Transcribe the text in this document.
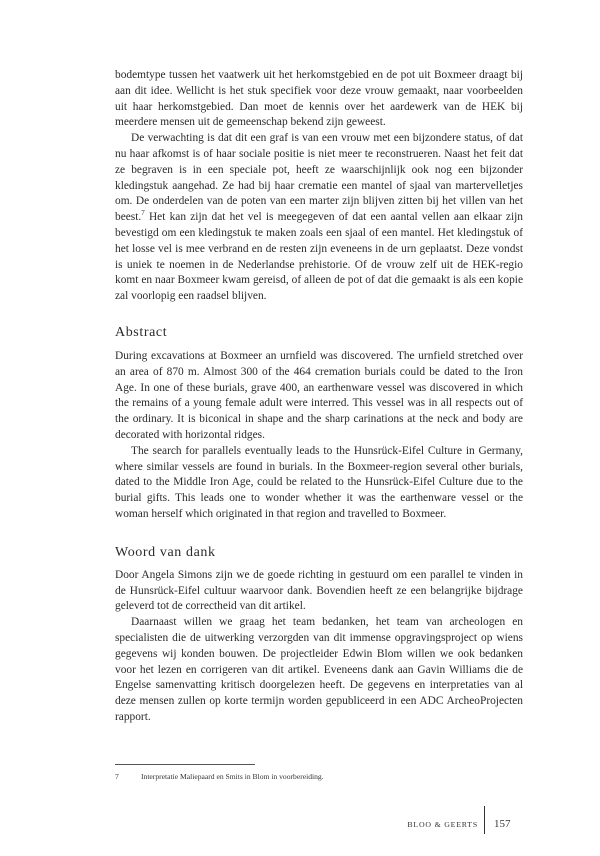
bodemtype tussen het vaatwerk uit het herkomstgebied en de pot uit Boxmeer draagt bij aan dit idee. Wellicht is het stuk specifiek voor deze vrouw gemaakt, naar voorbeelden uit haar herkomstgebied. Dan moet de kennis over het aardewerk van de HEK bij meerdere mensen uit de gemeenschap bekend zijn geweest.

De verwachting is dat dit een graf is van een vrouw met een bijzondere status, of dat nu haar afkomst is of haar sociale positie is niet meer te reconstrueren. Naast het feit dat ze begraven is in een speciale pot, heeft ze waarschijnlijk ook nog een bijzonder kledingstuk aangehad. Ze had bij haar crematie een mantel of sjaal van martervelletjes om. De onderdelen van de poten van een marter zijn blijven zitten bij het villen van het beest.$^7$ Het kan zijn dat het vel is meegegeven of dat een aantal vellen aan elkaar zijn bevestigd om een kledingstuk te maken zoals een sjaal of een mantel. Het kledingstuk of het losse vel is mee verbrand en de resten zijn eveneens in de urn geplaatst. Deze vondst is uniek te noemen in de Nederlandse prehistorie. Of de vrouw zelf uit de HEK-regio komt en naar Boxmeer kwam gereisd, of alleen de pot of dat die gemaakt is als een kopie zal voorlopig een raadsel blijven.

Abstract

During excavations at Boxmeer an urnfield was discovered. The urnfield stretched over an area of 870 m. Almost 300 of the 464 cremation burials could be dated to the Iron Age. In one of these burials, grave 400, an earthenware vessel was discovered in which the remains of a young female adult were interred. This vessel was in all respects out of the ordinary. It is biconical in shape and the sharp carinations at the neck and body are decorated with horizontal ridges.

The search for parallels eventually leads to the Hunsrück-Eifel Culture in Germany, where similar vessels are found in burials. In the Boxmeer-region several other burials, dated to the Middle Iron Age, could be related to the Hunsrück-Eifel Culture due to the burial gifts. This leads one to wonder whether it was the earthenware vessel or the woman herself which originated in that region and travelled to Boxmeer.

Woord van dank

Door Angela Simons zijn we de goede richting in gestuurd om een parallel te vinden in de Hunsrück-Eifel cultuur waarvoor dank. Bovendien heeft ze een belangrijke bijdrage geleverd tot de correctheid van dit artikel.

Daarnaast willen we graag het team bedanken, het team van archeologen en specialisten die de uitwerking verzorgden van dit immense opgravingsproject op wiens gegevens wij konden bouwen. De projectleider Edwin Blom willen we ook bedanken voor het lezen en corrigeren van dit artikel. Eveneens dank aan Gavin Williams die de Engelse samenvatting kritisch doorgelezen heeft. De gegevens en interpretaties van al deze mensen zullen op korte termijn worden gepubliceerd in een ADC ArcheoProjecten rapport.

7	Interpretatie Maliepaard en Smits in Blom in voorbereiding.
BLOO & GEERTS 157
